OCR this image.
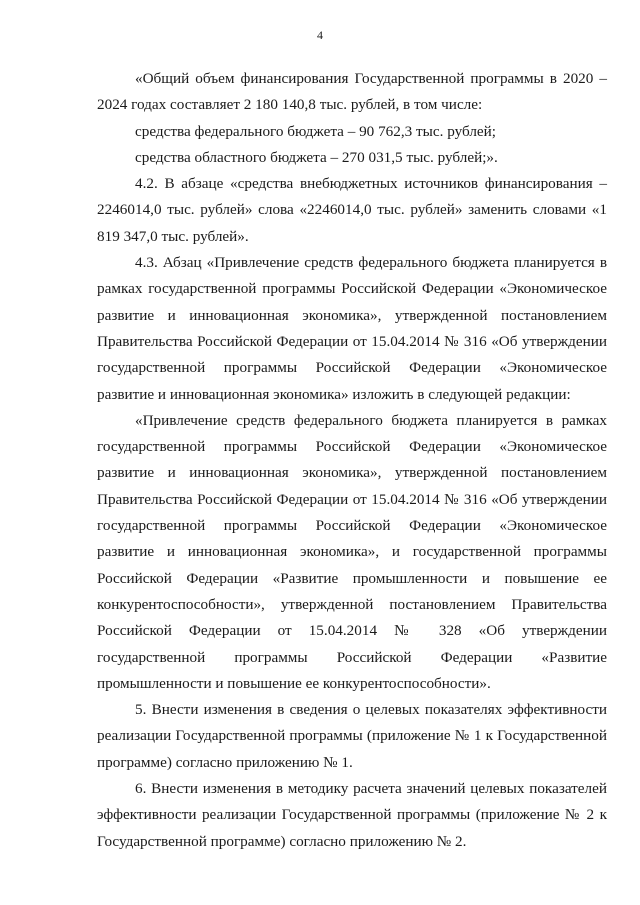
4

«Общий объем финансирования Государственной программы в 2020 – 2024 годах составляет 2 180 140,8 тыс. рублей, в том числе:

средства федерального бюджета – 90 762,3 тыс. рублей;

средства областного бюджета – 270 031,5 тыс. рублей;».

4.2. В абзаце «средства внебюджетных источников финансирования – 2246014,0 тыс. рублей» слова «2246014,0 тыс. рублей» заменить словами «1 819 347,0 тыс. рублей».

4.3. Абзац «Привлечение средств федерального бюджета планируется в рамках государственной программы Российской Федерации «Экономическое развитие и инновационная экономика», утвержденной постановлением Правительства Российской Федерации от 15.04.2014 № 316 «Об утверждении государственной программы Российской Федерации «Экономическое развитие и инновационная экономика» изложить в следующей редакции:

«Привлечение средств федерального бюджета планируется в рамках государственной программы Российской Федерации «Экономическое развитие и инновационная экономика», утвержденной постановлением Правительства Российской Федерации от 15.04.2014 № 316 «Об утверждении государственной программы Российской Федерации «Экономическое развитие и инновационная экономика», и государственной программы Российской Федерации «Развитие промышленности и повышение ее конкурентоспособности», утвержденной постановлением Правительства Российской Федерации от 15.04.2014 № 328 «Об утверждении государственной программы Российской Федерации «Развитие промышленности и повышение ее конкурентоспособности».

5. Внести изменения в сведения о целевых показателях эффективности реализации Государственной программы (приложение № 1 к Государственной программе) согласно приложению № 1.

6. Внести изменения в методику расчета значений целевых показателей эффективности реализации Государственной программы (приложение № 2 к Государственной программе) согласно приложению № 2.
